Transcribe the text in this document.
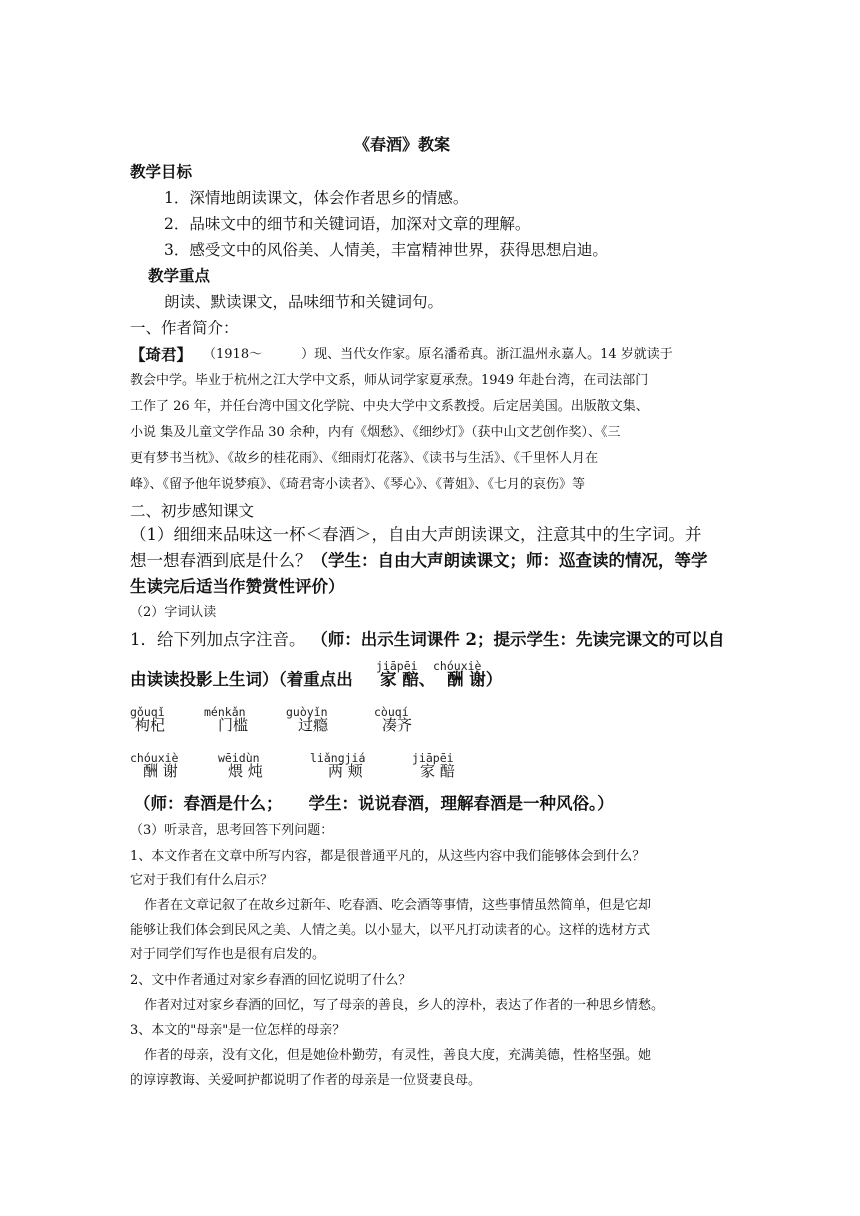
《春酒》教案
教学目标
1．深情地朗读课文，体会作者思乡的情感。
2．品味文中的细节和关键词语，加深对文章的理解。
3．感受文中的风俗美、人情美，丰富精神世界，获得思想启迪。
教学重点
朗读、默读课文，品味细节和关键词句。
一、作者简介：
【琦君】 （1918～　　　）现、当代女作家。原名潘希真。浙江温州永嘉人。14 岁就读于
教会中学。毕业于杭州之江大学中文系，师从词学家夏承焘。1949 年赴台湾，在司法部门
工作了 26 年，并任台湾中国文化学院、中央大学中文系教授。后定居美国。出版散文集、
小说 集及儿童文学作品 30 余种，内有《烟愁》、《细纱灯》（获中山文艺创作奖）、《三
更有梦书当枕》、《故乡的桂花雨》、《细雨灯花落》、《读书与生活》、《千里怀人月在
峰》、《留予他年说梦痕》、《琦君寄小读者》、《琴心》、《菁姐》、《七月的哀伤》等
二、初步感知课文
（1）细细来品味这一杯＜春酒＞，自由大声朗读课文，注意其中的生字词。并
想一想春酒到底是什么？（学生：自由大声朗读课文；师：巡查读的情况，等学
生读完后适当作赞赏性评价）
（2）字词认读
1．给下列加点字注音。 （师：出示生词课件 2；提示学生：先读完课文的可以自
jiāpēi chóuxiè
由读读投影上生词）（着重点出 家 醅、 酬 谢）
gǒuqǐ
枸杞
ménkǎn
门槛
guòyǐn
过瘾
còuqí
凑齐
chóuxiè
酬 谢
wēidùn
煨 炖
liǎngjiá
两 颊
jiāpēi
家 醅
（师：春酒是什么； 学生：说说春酒，理解春酒是一种风俗。）
（3）听录音，思考回答下列问题：
1、本文作者在文章中所写内容，都是很普通平凡的，从这些内容中我们能够体会到什么？
它对于我们有什么启示？
作者在文章记叙了在故乡过新年、吃春酒、吃会酒等事情，这些事情虽然简单，但是它却
能够让我们体会到民风之美、人情之美。以小显大，以平凡打动读者的心。这样的选材方式
对于同学们写作也是很有启发的。
2、文中作者通过对家乡春酒的回忆说明了什么？
作者对过对家乡春酒的回忆，写了母亲的善良，乡人的淳朴，表达了作者的一种思乡情愁。
3、本文的"母亲"是一位怎样的母亲？
作者的母亲，没有文化，但是她俭朴勤劳，有灵性，善良大度，充满美德，性格坚强。她
的谆谆教诲、关爱呵护都说明了作者的母亲是一位贤妻良母。
